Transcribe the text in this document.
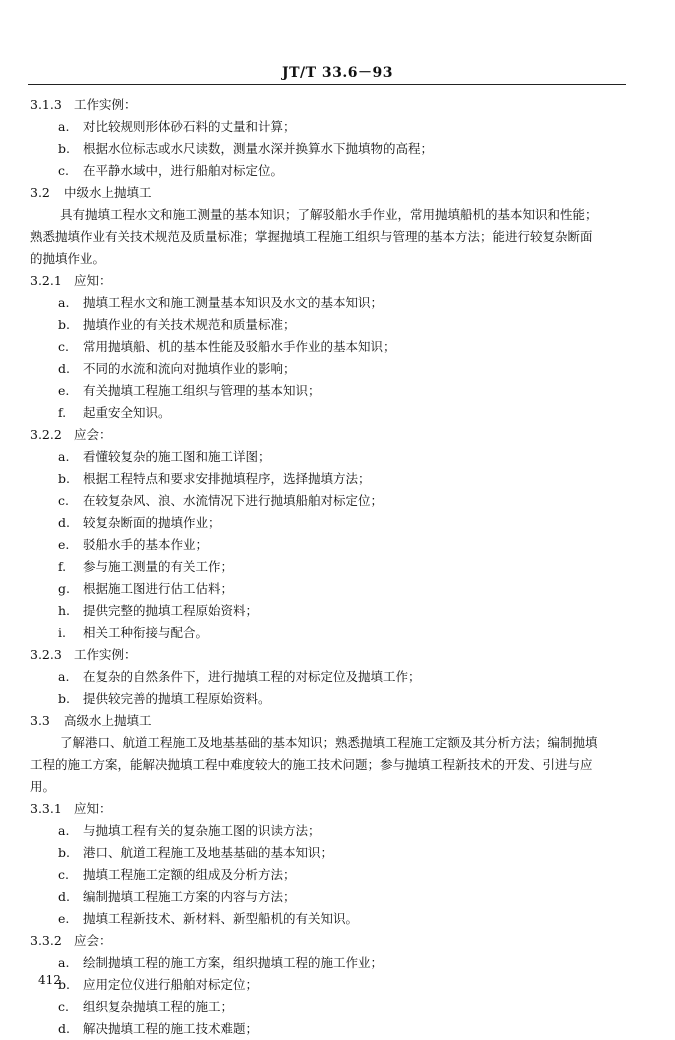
JT/T 33.6－93
3.1.3 工作实例：
a. 对比较规则形体砂石料的丈量和计算；
b. 根据水位标志或水尺读数，测量水深并换算水下抛填物的高程；
c. 在平静水域中，进行船舶对标定位。
3.2 中级水上抛填工
具有抛填工程水文和施工测量的基本知识；了解驳船水手作业，常用抛填船机的基本知识和性能；
熟悉抛填作业有关技术规范及质量标准；掌握抛填工程施工组织与管理的基本方法；能进行较复杂断面
的抛填作业。
3.2.1 应知：
a. 抛填工程水文和施工测量基本知识及水文的基本知识；
b. 抛填作业的有关技术规范和质量标准；
c. 常用抛填船、机的基本性能及驳船水手作业的基本知识；
d. 不同的水流和流向对抛填作业的影响；
e. 有关抛填工程施工组织与管理的基本知识；
f. 起重安全知识。
3.2.2 应会：
a. 看懂较复杂的施工图和施工详图；
b. 根据工程特点和要求安排抛填程序，选择抛填方法；
c. 在较复杂风、浪、水流情况下进行抛填船舶对标定位；
d. 较复杂断面的抛填作业；
e. 驳船水手的基本作业；
f. 参与施工测量的有关工作；
g. 根据施工图进行估工估料；
h. 提供完整的抛填工程原始资料；
i. 相关工种衔接与配合。
3.2.3 工作实例：
a. 在复杂的自然条件下，进行抛填工程的对标定位及抛填工作；
b. 提供较完善的抛填工程原始资料。
3.3 高级水上抛填工
了解港口、航道工程施工及地基基础的基本知识；熟悉抛填工程施工定额及其分析方法；编制抛填
工程的施工方案，能解决抛填工程中难度较大的施工技术问题；参与抛填工程新技术的开发、引进与应
用。
3.3.1 应知：
a. 与抛填工程有关的复杂施工图的识读方法；
b. 港口、航道工程施工及地基基础的基本知识；
c. 抛填工程施工定额的组成及分析方法；
d. 编制抛填工程施工方案的内容与方法；
e. 抛填工程新技术、新材料、新型船机的有关知识。
3.3.2 应会：
a. 绘制抛填工程的施工方案，组织抛填工程的施工作业；
b. 应用定位仪进行船舶对标定位；
c. 组织复杂抛填工程的施工；
d. 解决抛填工程的施工技术难题；
412
